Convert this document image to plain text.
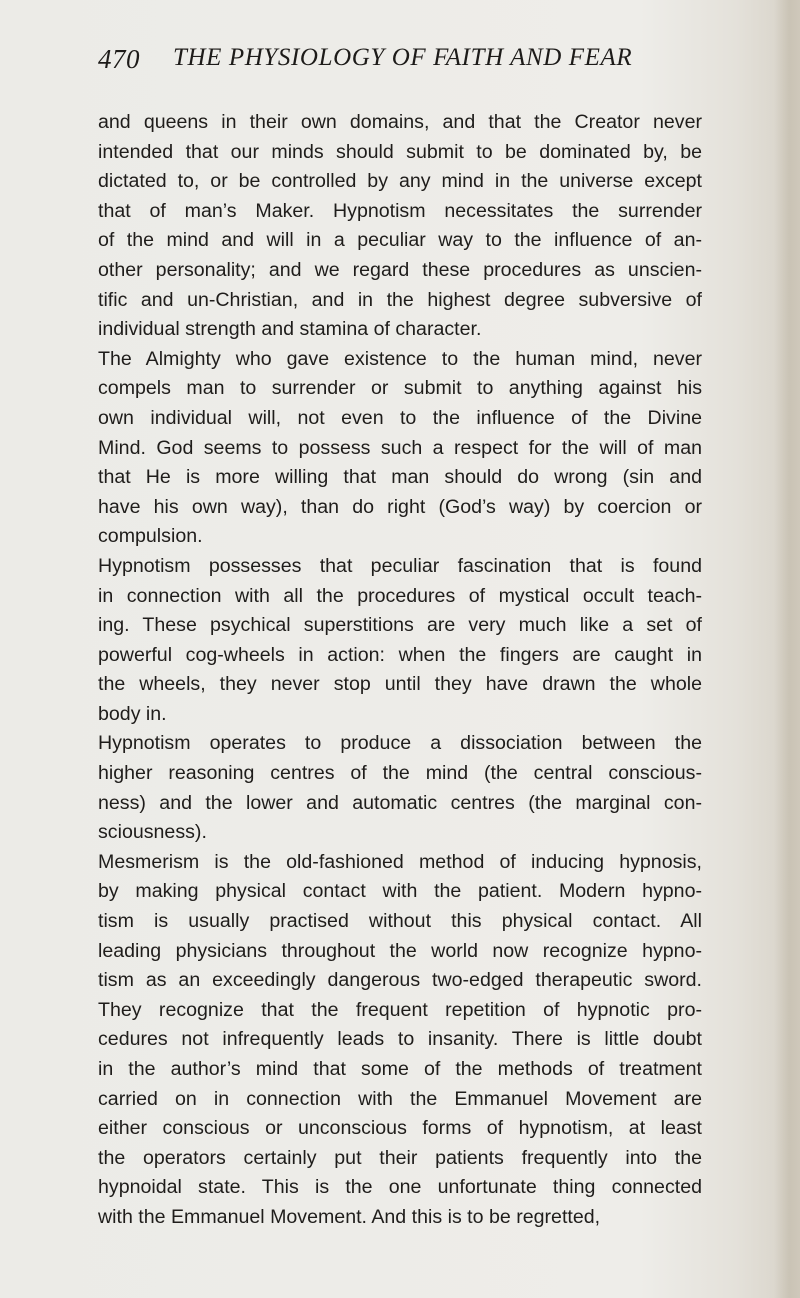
470 THE PHYSIOLOGY OF FAITH AND FEAR
and queens in their own domains, and that the Creator never
intended that our minds should submit to be dominated by, be
dictated to, or be controlled by any mind in the universe except
that of man’s Maker. Hypnotism necessitates the surrender
of the mind and will in a peculiar way to the influence of an-
other personality; and we regard these procedures as unscien-
tific and un-Christian, and in the highest degree subversive of
individual strength and stamina of character.
The Almighty who gave existence to the human mind, never
compels man to surrender or submit to anything against his
own individual will, not even to the influence of the Divine
Mind. God seems to possess such a respect for the will of man
that He is more willing that man should do wrong (sin and
have his own way), than do right (God’s way) by coercion or
compulsion.
Hypnotism possesses that peculiar fascination that is found
in connection with all the procedures of mystical occult teach-
ing. These psychical superstitions are very much like a set of
powerful cog-wheels in action: when the fingers are caught in
the wheels, they never stop until they have drawn the whole
body in.
Hypnotism operates to produce a dissociation between the
higher reasoning centres of the mind (the central conscious-
ness) and the lower and automatic centres (the marginal con-
sciousness).
Mesmerism is the old-fashioned method of inducing hypnosis,
by making physical contact with the patient. Modern hypno-
tism is usually practised without this physical contact. All
leading physicians throughout the world now recognize hypno-
tism as an exceedingly dangerous two-edged therapeutic sword.
They recognize that the frequent repetition of hypnotic pro-
cedures not infrequently leads to insanity. There is little doubt
in the author’s mind that some of the methods of treatment
carried on in connection with the Emmanuel Movement are
either conscious or unconscious forms of hypnotism, at least
the operators certainly put their patients frequently into the
hypnoidal state. This is the one unfortunate thing connected
with the Emmanuel Movement. And this is to be regretted,
